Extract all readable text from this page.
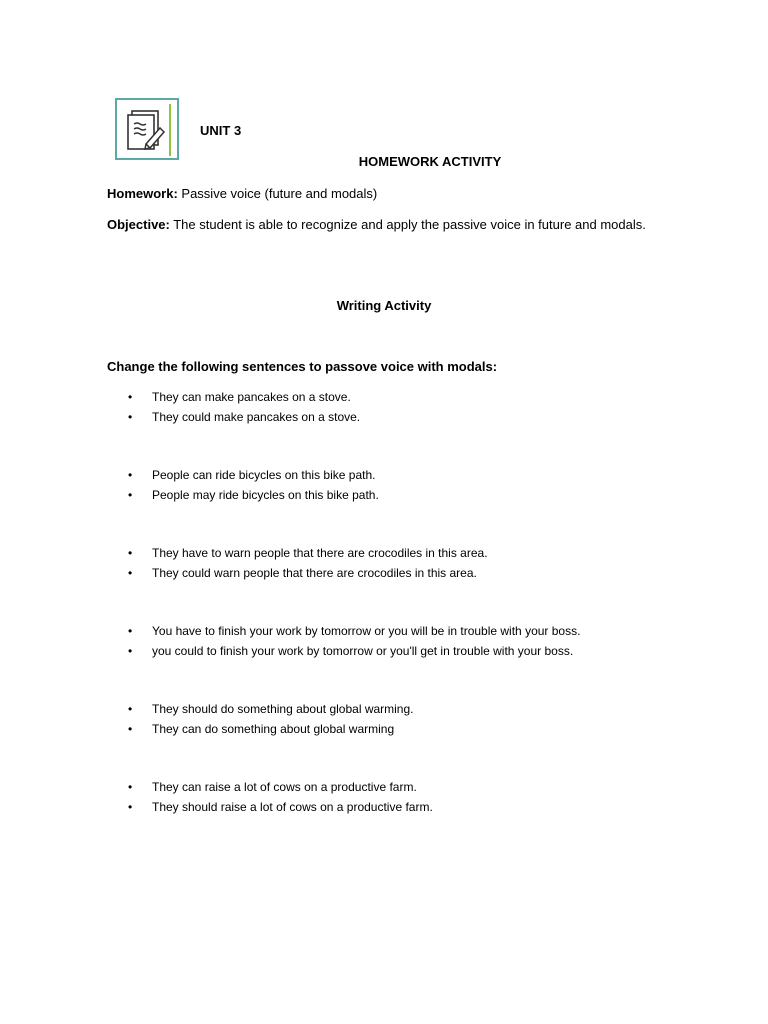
UNIT 3
HOMEWORK ACTIVITY
Homework: Passive voice (future and modals)
Objective: The student is able to recognize and apply the passive voice in future and modals.
Writing Activity
Change the following sentences to passove voice with modals:
• They can make pancakes on a stove.
• They could make pancakes on a stove.
• People can ride bicycles on this bike path.
• People may ride bicycles on this bike path.
• They have to warn people that there are crocodiles in this area.
• They could warn people that there are crocodiles in this area.
• You have to finish your work by tomorrow or you will be in trouble with your boss.
• you could to finish your work by tomorrow or you'll get in trouble with your boss.
• They should do something about global warming.
• They can do something about global warming
• They can raise a lot of cows on a productive farm.
• They should raise a lot of cows on a productive farm.
